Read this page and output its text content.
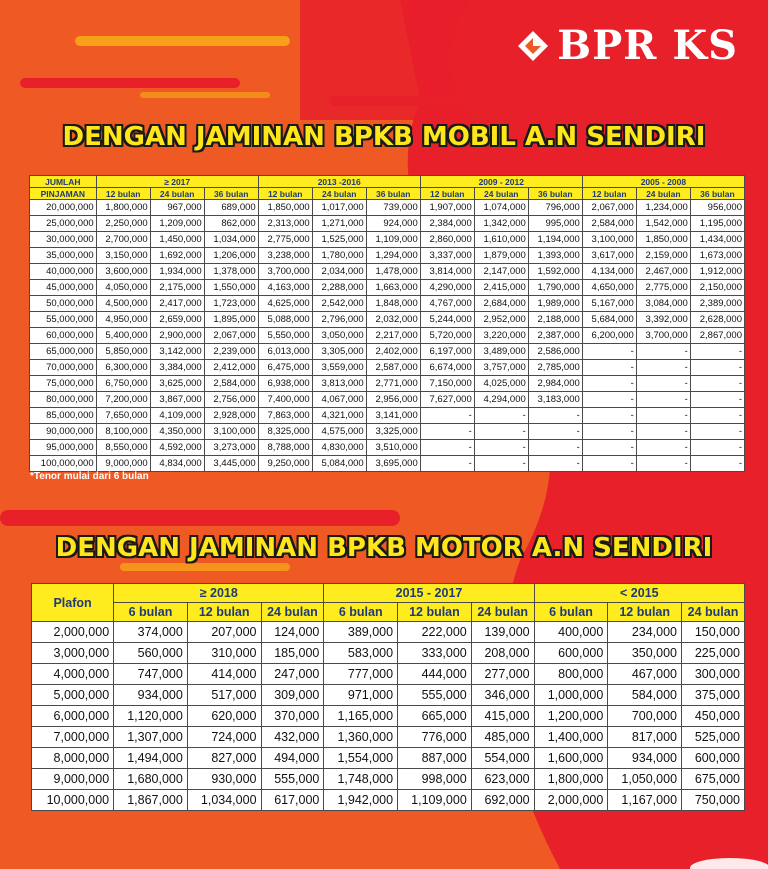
BPR KS
DENGAN JAMINAN BPKB MOBIL A.N SENDIRI
JUMLAH	≥ 2017			2013 -2016			2009 - 2012			2005 - 2008		
PINJAMAN	12 bulan	24 bulan	36 bulan	12 bulan	24 bulan	36 bulan	12 bulan	24 bulan	36 bulan	12 bulan	24 bulan	36 bulan
20,000,000	1,800,000	967,000	689,000	1,850,000	1,017,000	739,000	1,907,000	1,074,000	796,000	2,067,000	1,234,000	956,000
25,000,000	2,250,000	1,209,000	862,000	2,313,000	1,271,000	924,000	2,384,000	1,342,000	995,000	2,584,000	1,542,000	1,195,000
30,000,000	2,700,000	1,450,000	1,034,000	2,775,000	1,525,000	1,109,000	2,860,000	1,610,000	1,194,000	3,100,000	1,850,000	1,434,000
35,000,000	3,150,000	1,692,000	1,206,000	3,238,000	1,780,000	1,294,000	3,337,000	1,879,000	1,393,000	3,617,000	2,159,000	1,673,000
40,000,000	3,600,000	1,934,000	1,378,000	3,700,000	2,034,000	1,478,000	3,814,000	2,147,000	1,592,000	4,134,000	2,467,000	1,912,000
45,000,000	4,050,000	2,175,000	1,550,000	4,163,000	2,288,000	1,663,000	4,290,000	2,415,000	1,790,000	4,650,000	2,775,000	2,150,000
50,000,000	4,500,000	2,417,000	1,723,000	4,625,000	2,542,000	1,848,000	4,767,000	2,684,000	1,989,000	5,167,000	3,084,000	2,389,000
55,000,000	4,950,000	2,659,000	1,895,000	5,088,000	2,796,000	2,032,000	5,244,000	2,952,000	2,188,000	5,684,000	3,392,000	2,628,000
60,000,000	5,400,000	2,900,000	2,067,000	5,550,000	3,050,000	2,217,000	5,720,000	3,220,000	2,387,000	6,200,000	3,700,000	2,867,000
65,000,000	5,850,000	3,142,000	2,239,000	6,013,000	3,305,000	2,402,000	6,197,000	3,489,000	2,586,000	-	-	-
70,000,000	6,300,000	3,384,000	2,412,000	6,475,000	3,559,000	2,587,000	6,674,000	3,757,000	2,785,000	-	-	-
75,000,000	6,750,000	3,625,000	2,584,000	6,938,000	3,813,000	2,771,000	7,150,000	4,025,000	2,984,000	-	-	-
80,000,000	7,200,000	3,867,000	2,756,000	7,400,000	4,067,000	2,956,000	7,627,000	4,294,000	3,183,000	-	-	-
85,000,000	7,650,000	4,109,000	2,928,000	7,863,000	4,321,000	3,141,000	-	-	-	-	-	-
90,000,000	8,100,000	4,350,000	3,100,000	8,325,000	4,575,000	3,325,000	-	-	-	-	-	-
95,000,000	8,550,000	4,592,000	3,273,000	8,788,000	4,830,000	3,510,000	-	-	-	-	-	-
100,000,000	9,000,000	4,834,000	3,445,000	9,250,000	5,084,000	3,695,000	-	-	-	-	-	-
*Tenor mulai dari 6 bulan
DENGAN JAMINAN BPKB MOTOR A.N SENDIRI
Plafon	≥ 2018			2015 - 2017			< 2015		
	6 bulan	12 bulan	24 bulan	6 bulan	12 bulan	24 bulan	6 bulan	12 bulan	24 bulan
2,000,000	374,000	207,000	124,000	389,000	222,000	139,000	400,000	234,000	150,000
3,000,000	560,000	310,000	185,000	583,000	333,000	208,000	600,000	350,000	225,000
4,000,000	747,000	414,000	247,000	777,000	444,000	277,000	800,000	467,000	300,000
5,000,000	934,000	517,000	309,000	971,000	555,000	346,000	1,000,000	584,000	375,000
6,000,000	1,120,000	620,000	370,000	1,165,000	665,000	415,000	1,200,000	700,000	450,000
7,000,000	1,307,000	724,000	432,000	1,360,000	776,000	485,000	1,400,000	817,000	525,000
8,000,000	1,494,000	827,000	494,000	1,554,000	887,000	554,000	1,600,000	934,000	600,000
9,000,000	1,680,000	930,000	555,000	1,748,000	998,000	623,000	1,800,000	1,050,000	675,000
10,000,000	1,867,000	1,034,000	617,000	1,942,000	1,109,000	692,000	2,000,000	1,167,000	750,000
